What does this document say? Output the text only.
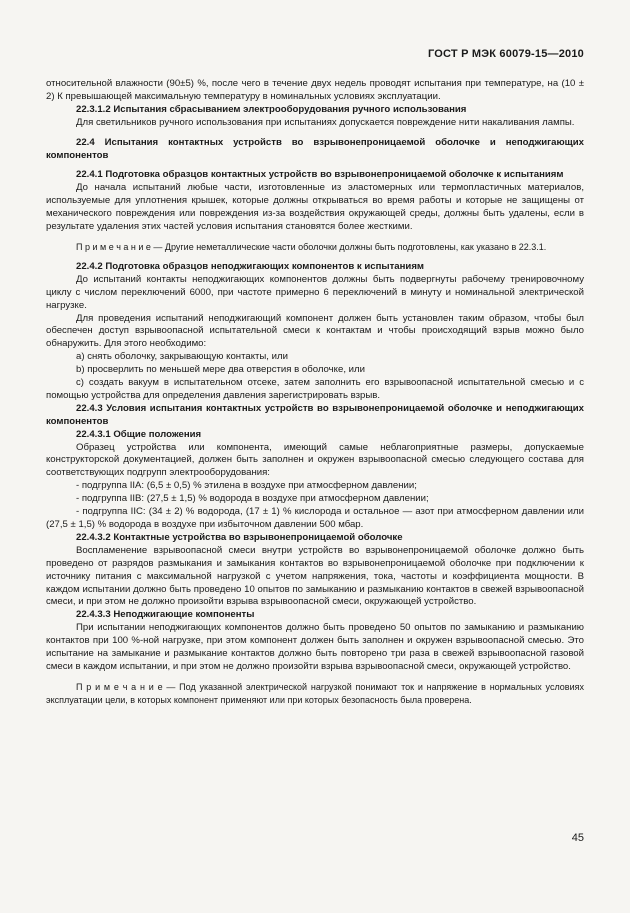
ГОСТ Р МЭК 60079-15—2010

относительной влажности (90±5) %, после чего в течение двух недель проводят испытания при температуре, на (10 ± 2) К превышающей максимальную температуру в номинальных условиях эксплуатации.

22.3.1.2 Испытания сбрасыванием электрооборудования ручного использования

Для светильников ручного использования при испытаниях допускается повреждение нити накаливания лампы.

22.4 Испытания контактных устройств во взрывонепроницаемой оболочке и неподжигающих компонентов

22.4.1 Подготовка образцов контактных устройств во взрывонепроницаемой оболочке к испытаниям

До начала испытаний любые части, изготовленные из эластомерных или термопластичных материалов, используемые для уплотнения крышек, которые должны открываться во время работы и которые не защищены от механического повреждения или повреждения из-за воздействия окружающей среды, должны быть удалены, если в результате удаления этих частей условия испытания становятся более жесткими.

П р и м е ч а н и е — Другие неметаллические части оболочки должны быть подготовлены, как указано в 22.3.1.

22.4.2 Подготовка образцов неподжигающих компонентов к испытаниям

До испытаний контакты неподжигающих компонентов должны быть подвергнуты рабочему тренировочному циклу с числом переключений 6000, при частоте примерно 6 переключений в минуту и номинальной электрической нагрузке.

Для проведения испытаний неподжигающий компонент должен быть установлен таким образом, чтобы был обеспечен доступ взрывоопасной испытательной смеси к контактам и чтобы происходящий взрыв можно было обнаружить. Для этого необходимо:

а) снять оболочку, закрывающую контакты, или

b) просверлить по меньшей мере два отверстия в оболочке, или

с) создать вакуум в испытательном отсеке, затем заполнить его взрывоопасной испытательной смесью и с помощью устройства для определения давления зарегистрировать взрыв.

22.4.3 Условия испытания контактных устройств во взрывонепроницаемой оболочке и неподжигающих компонентов

22.4.3.1 Общие положения

Образец устройства или компонента, имеющий самые неблагоприятные размеры, допускаемые конструкторской документацией, должен быть заполнен и окружен взрывоопасной смесью следующего состава для соответствующих подгрупп электрооборудования:

- подгруппа IIA: (6,5 ± 0,5) % этилена в воздухе при атмосферном давлении;

- подгруппа IIB: (27,5 ± 1,5) % водорода в воздухе при атмосферном давлении;

- подгруппа IIC: (34 ± 2) % водорода, (17 ± 1) % кислорода и остальное — азот при атмосферном давлении или (27,5 ± 1,5) % водорода в воздухе при избыточном давлении 500 мбар.

22.4.3.2 Контактные устройства во взрывонепроницаемой оболочке

Воспламенение взрывоопасной смеси внутри устройств во взрывонепроницаемой оболочке должно быть проведено от разрядов размыкания и замыкания контактов во взрывонепроницаемой оболочке при подключении к источнику питания с максимальной нагрузкой с учетом напряжения, тока, частоты и коэффициента мощности. В каждом испытании должно быть проведено 10 опытов по замыканию и размыканию контактов в свежей взрывоопасной смеси, и при этом не должно произойти взрыва взрывоопасной смеси, окружающей устройство.

22.4.3.3 Неподжигающие компоненты

При испытании неподжигающих компонентов должно быть проведено 50 опытов по замыканию и размыканию контактов при 100 %-ной нагрузке, при этом компонент должен быть заполнен и окружен взрывоопасной смесью. Это испытание на замыкание и размыкание контактов должно быть повторено три раза в свежей взрывоопасной газовой смеси в каждом испытании, и при этом не должно произойти взрыва взрывоопасной смеси, окружающей устройство.

П р и м е ч а н и е — Под указанной электрической нагрузкой понимают ток и напряжение в нормальных условиях эксплуатации цели, в которых компонент применяют или при которых безопасность была проверена.

45
